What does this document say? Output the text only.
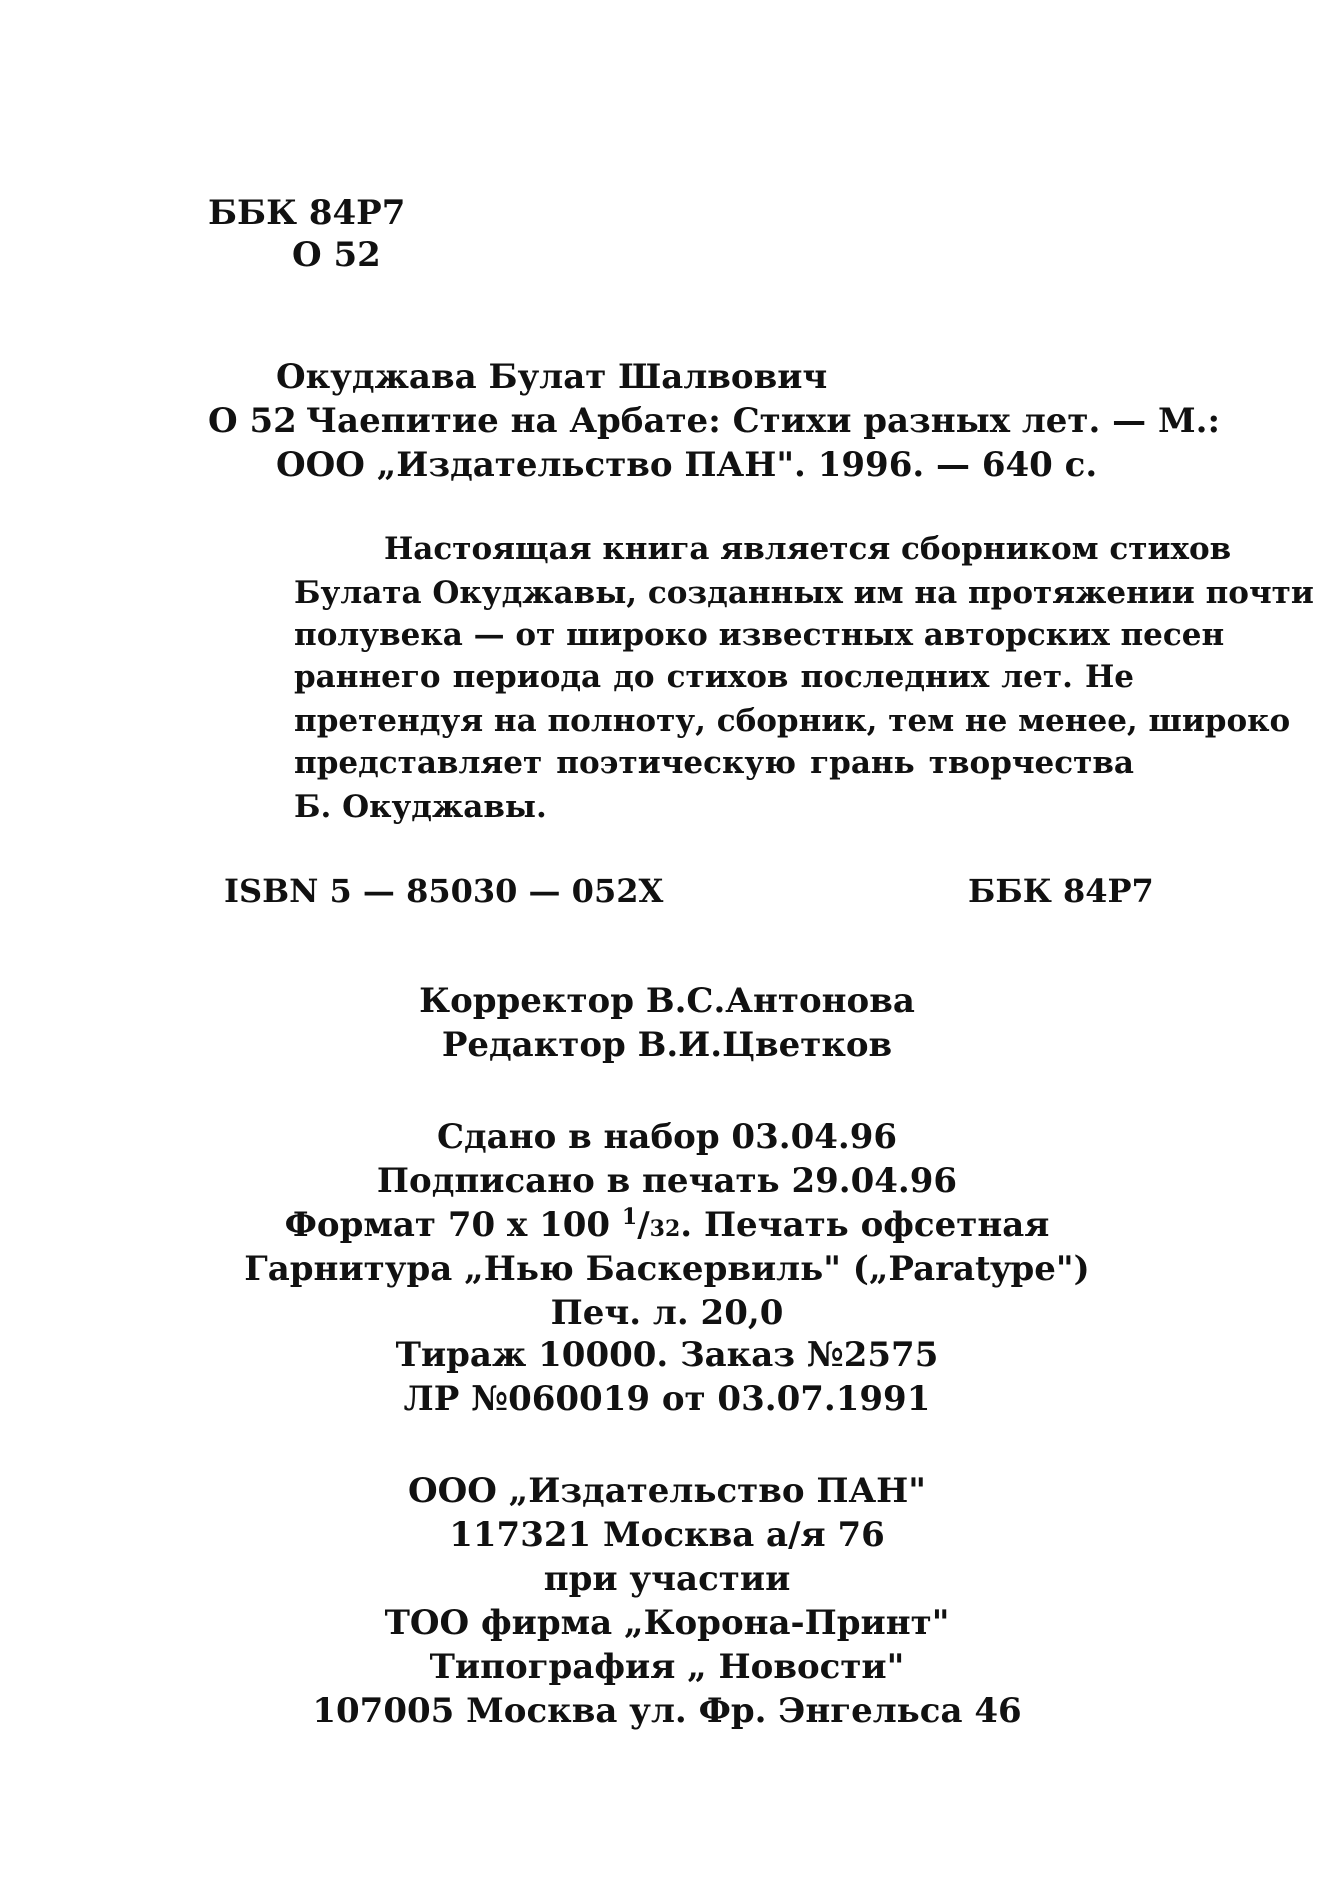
ББК 84Р7
О 52
Окуджава Булат Шалвович
О 52 Чаепитие на Арбате: Стихи разных лет. — М.:
ООО „Издательство ПАН". 1996. — 640 с.
Настоящая книга является сборником стихов
Булата Окуджавы, созданных им на протяжении почти
полувека — от широко известных авторских песен
раннего периода до стихов последних лет. Не
претендуя на полноту, сборник, тем не менее, широко
представляет поэтическую грань творчества
Б. Окуджавы.
ISBN 5 — 85030 — 052X	ББК 84Р7
Корректор В.С.Антонова
Редактор В.И.Цветков
Сдано в набор 03.04.96
Подписано в печать 29.04.96
Формат 70 х 100 $^1$/32. Печать офсетная
Гарнитура „Нью Баскервиль" („Paratype")
Печ. л. 20,0
Тираж 10000. Заказ №2575
ЛР №060019 от 03.07.1991
ООО „Издательство ПАН"
117321 Москва а/я 76
при участии
ТОО фирма „Корона-Принт"
Типография „ Новости"
107005 Москва ул. Фр. Энгельса 46
